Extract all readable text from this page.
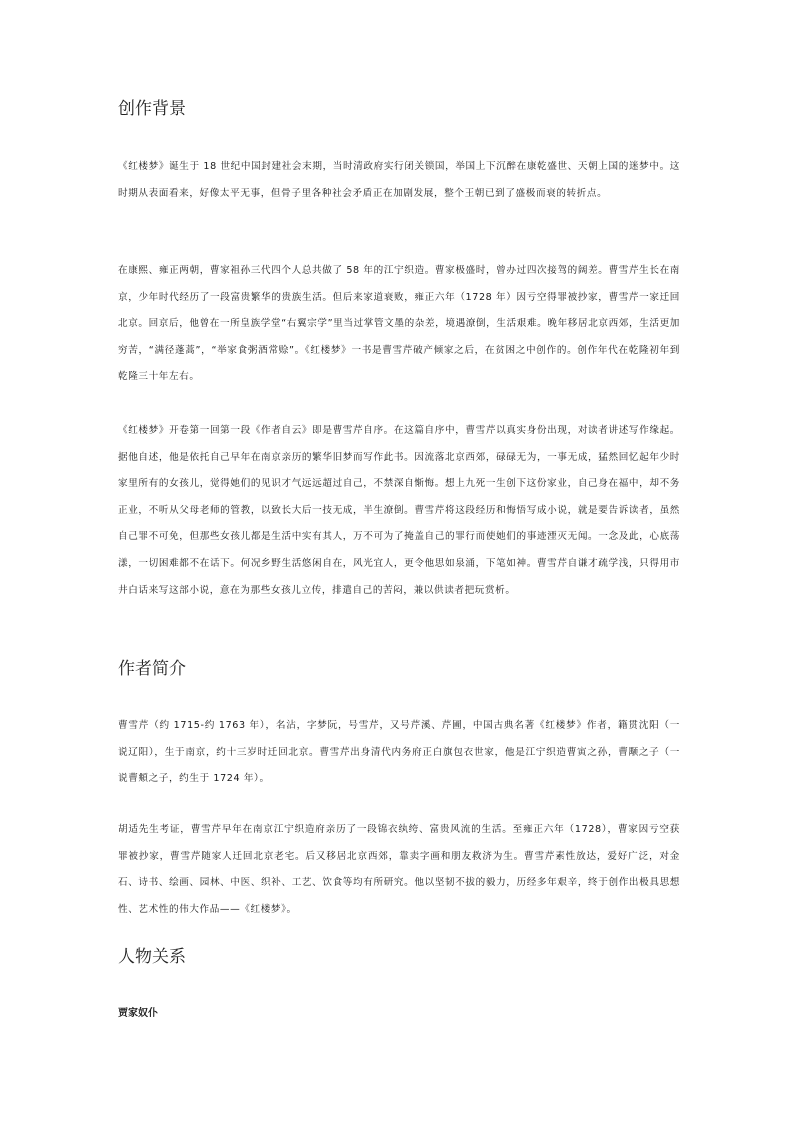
创作背景

《红楼梦》诞生于 18 世纪中国封建社会末期，当时清政府实行闭关锁国，举国上下沉醉在康乾盛世、天朝上国的迷梦中。这时期从表面看来，好像太平无事，但骨子里各种社会矛盾正在加剧发展，整个王朝已到了盛极而衰的转折点。

在康熙、雍正两朝，曹家祖孙三代四个人总共做了 58 年的江宁织造。曹家极盛时，曾办过四次接驾的阔差。曹雪芹生长在南京，少年时代经历了一段富贵繁华的贵族生活。但后来家道衰败，雍正六年（1728 年）因亏空得罪被抄家，曹雪芹一家迁回北京。回京后，他曾在一所皇族学堂“右翼宗学”里当过掌管文墨的杂差，境遇潦倒，生活艰难。晚年移居北京西郊，生活更加穷苦，“满径蓬蒿”，“举家食粥酒常赊”。《红楼梦》一书是曹雪芹破产倾家之后，在贫困之中创作的。创作年代在乾隆初年到乾隆三十年左右。

《红楼梦》开卷第一回第一段《作者自云》即是曹雪芹自序。在这篇自序中，曹雪芹以真实身份出现，对读者讲述写作缘起。据他自述，他是依托自己早年在南京亲历的繁华旧梦而写作此书。因流落北京西郊，碌碌无为，一事无成，猛然回忆起年少时家里所有的女孩儿，觉得她们的见识才气远远超过自己，不禁深自惭悔。想上九死一生创下这份家业，自己身在福中，却不务正业，不听从父母老师的管教，以致长大后一技无成，半生潦倒。曹雪芹将这段经历和悔悟写成小说，就是要告诉读者，虽然自己罪不可免，但那些女孩儿都是生活中实有其人，万不可为了掩盖自己的罪行而使她们的事迹湮灭无闻。一念及此，心底荡漾，一切困难都不在话下。何况乡野生活悠闲自在，风光宜人，更令他思如泉涌，下笔如神。曹雪芹自谦才疏学浅，只得用市井白话来写这部小说，意在为那些女孩儿立传，排遣自己的苦闷，兼以供读者把玩赏析。

作者简介

曹雪芹（约 1715-约 1763 年），名沾，字梦阮，号雪芹，又号芹溪、芹圃，中国古典名著《红楼梦》作者，籍贯沈阳（一说辽阳），生于南京，约十三岁时迁回北京。曹雪芹出身清代内务府正白旗包衣世家，他是江宁织造曹寅之孙，曹颙之子（一说曹頫之子，约生于 1724 年）。

胡适先生考证，曹雪芹早年在南京江宁织造府亲历了一段锦衣纨绔、富贵风流的生活。至雍正六年（1728），曹家因亏空获罪被抄家，曹雪芹随家人迁回北京老宅。后又移居北京西郊，靠卖字画和朋友救济为生。曹雪芹素性放达，爱好广泛，对金石、诗书、绘画、园林、中医、织补、工艺、饮食等均有所研究。他以坚韧不拔的毅力，历经多年艰辛，终于创作出极具思想性、艺术性的伟大作品——《红楼梦》。

人物关系

贾家奴仆
